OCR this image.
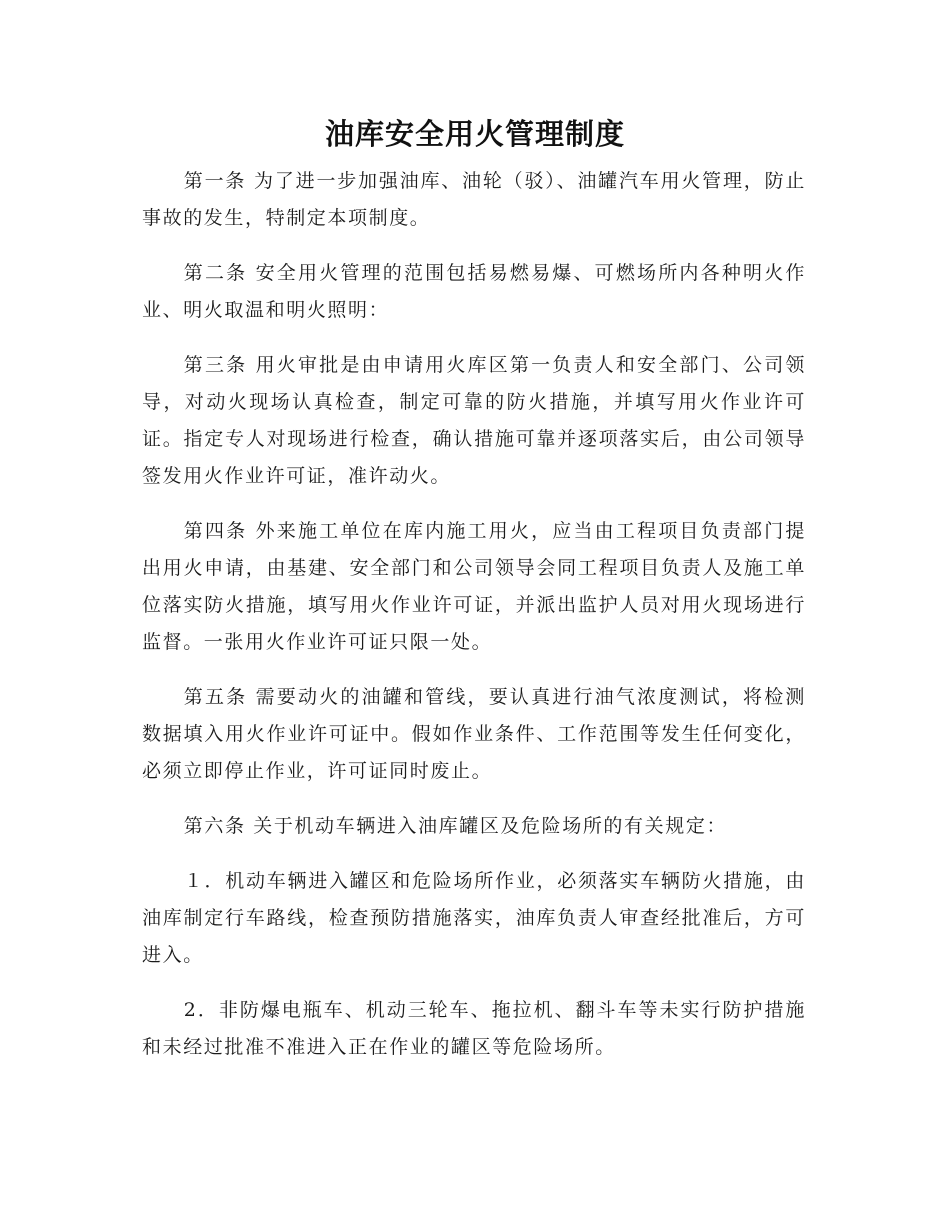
油库安全用火管理制度

第一条 为了进一步加强油库、油轮（驳）、油罐汽车用火管理，防止事故的发生，特制定本项制度。

第二条 安全用火管理的范围包括易燃易爆、可燃场所内各种明火作业、明火取温和明火照明：

第三条 用火审批是由申请用火库区第一负责人和安全部门、公司领导，对动火现场认真检查，制定可靠的防火措施，并填写用火作业许可证。指定专人对现场进行检查，确认措施可靠并逐项落实后，由公司领导签发用火作业许可证，准许动火。

第四条 外来施工单位在库内施工用火，应当由工程项目负责部门提出用火申请，由基建、安全部门和公司领导会同工程项目负责人及施工单位落实防火措施，填写用火作业许可证，并派出监护人员对用火现场进行监督。一张用火作业许可证只限一处。

第五条 需要动火的油罐和管线，要认真进行油气浓度测试，将检测数据填入用火作业许可证中。假如作业条件、工作范围等发生任何变化，必须立即停止作业，许可证同时废止。

第六条 关于机动车辆进入油库罐区及危险场所的有关规定：

１．机动车辆进入罐区和危险场所作业，必须落实车辆防火措施，由油库制定行车路线，检查预防措施落实，油库负责人审查经批准后，方可进入。

2．非防爆电瓶车、机动三轮车、拖拉机、翻斗车等未实行防护措施和未经过批准不准进入正在作业的罐区等危险场所。
